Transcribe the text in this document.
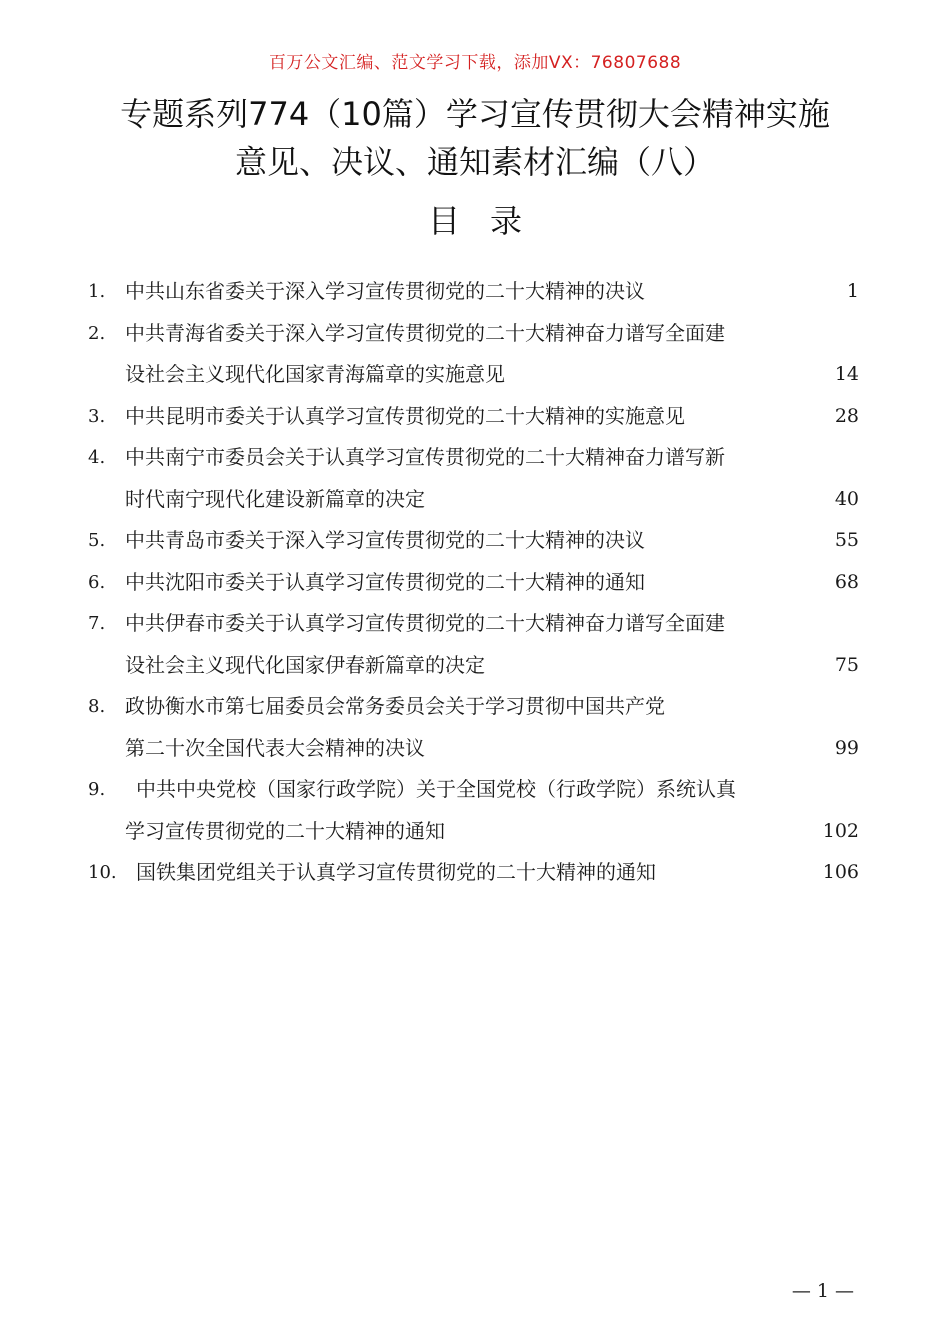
百万公文汇编、范文学习下载，添加VX：76807688
专题系列774（10篇）学习宣传贯彻大会精神实施
意见、决议、通知素材汇编（八）
目录
1. 中共山东省委关于深入学习宣传贯彻党的二十大精神的决议	1
2. 中共青海省委关于深入学习宣传贯彻党的二十大精神奋力谱写全面建
设社会主义现代化国家青海篇章的实施意见	14
3. 中共昆明市委关于认真学习宣传贯彻党的二十大精神的实施意见	28
4. 中共南宁市委员会关于认真学习宣传贯彻党的二十大精神奋力谱写新
时代南宁现代化建设新篇章的决定	40
5. 中共青岛市委关于深入学习宣传贯彻党的二十大精神的决议	55
6. 中共沈阳市委关于认真学习宣传贯彻党的二十大精神的通知	68
7. 中共伊春市委关于认真学习宣传贯彻党的二十大精神奋力谱写全面建
设社会主义现代化国家伊春新篇章的决定	75
8. 政协衡水市第七届委员会常务委员会关于学习贯彻中国共产党
第二十次全国代表大会精神的决议	99
9. 中共中央党校（国家行政学院）关于全国党校（行政学院）系统认真
学习宣传贯彻党的二十大精神的通知	102
10. 国铁集团党组关于认真学习宣传贯彻党的二十大精神的通知	106
— 1 —
